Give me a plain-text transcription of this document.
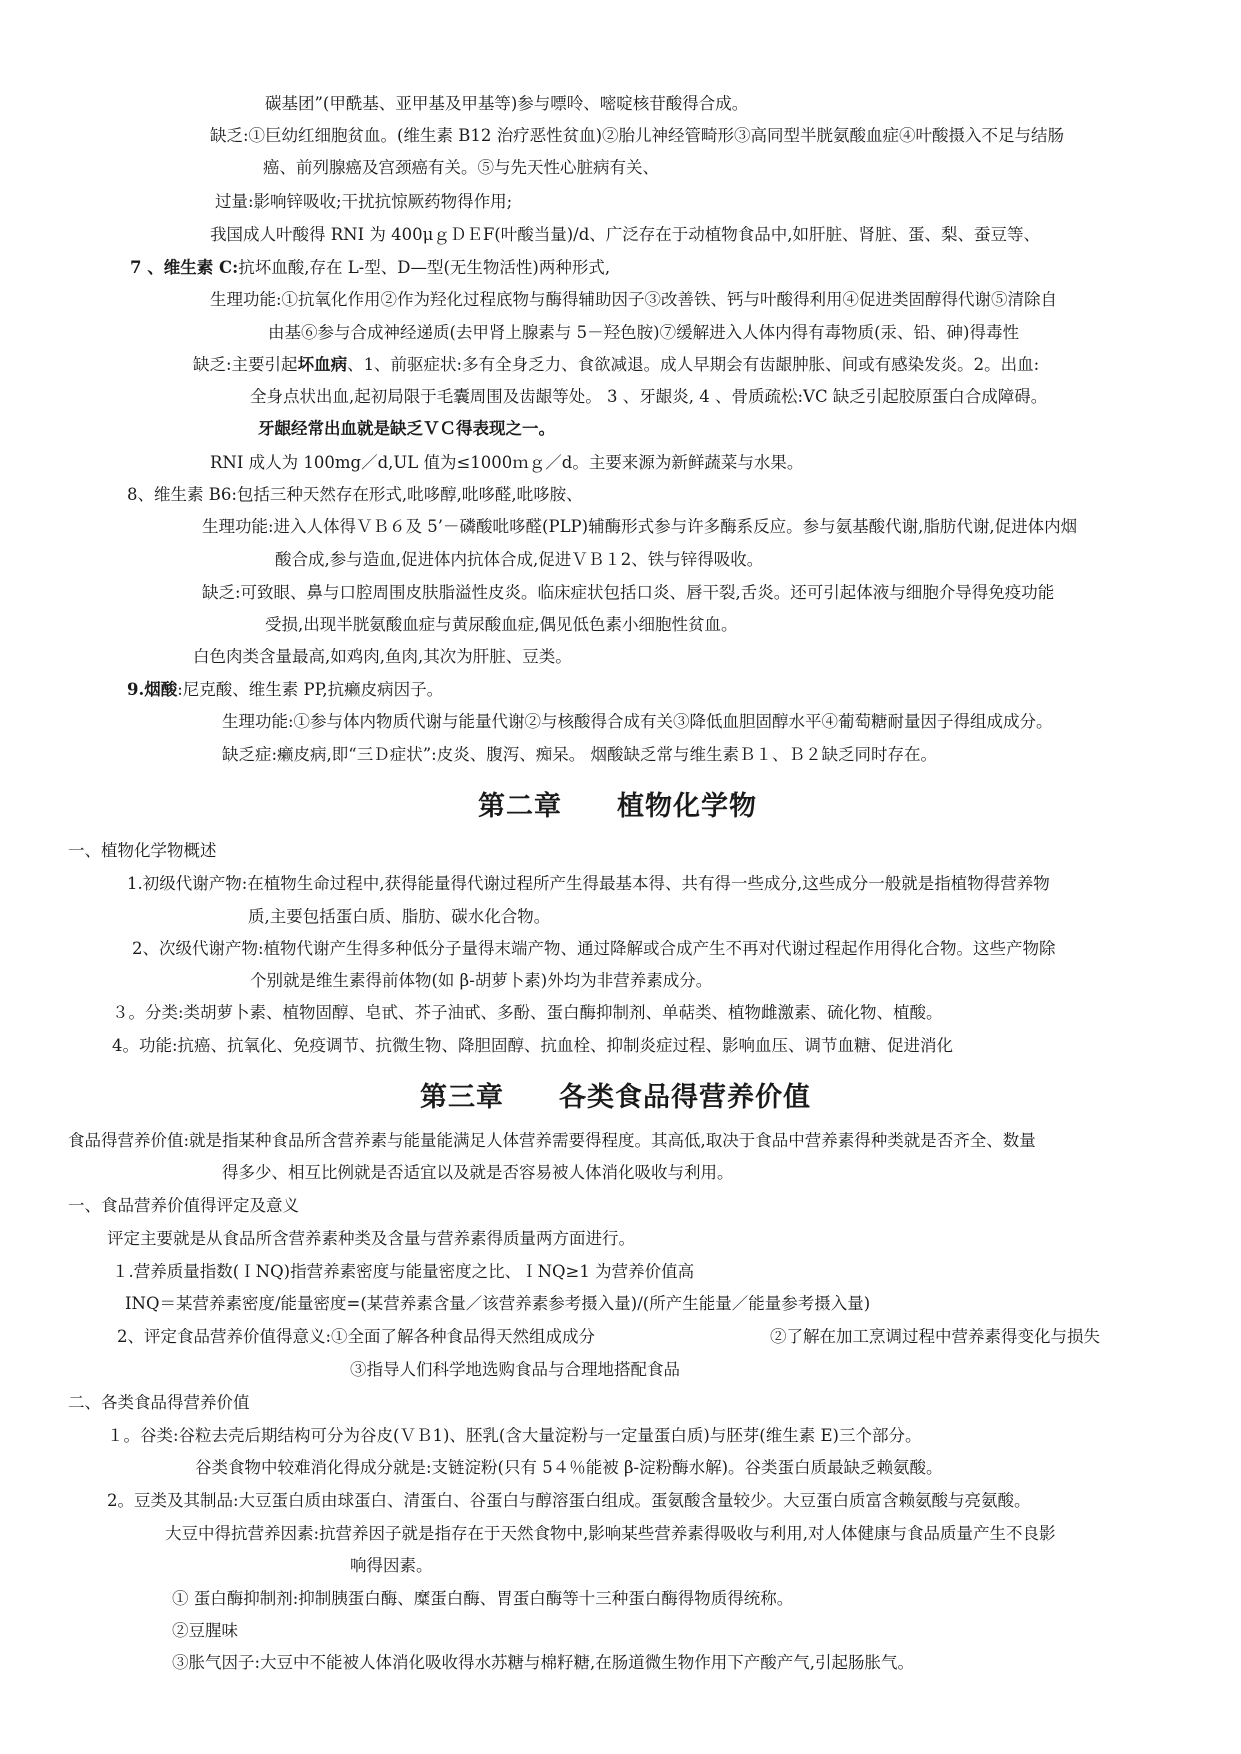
碳基团”(甲酰基、亚甲基及甲基等)参与嘌呤、嘧啶核苷酸得合成。
缺乏:①巨幼红细胞贫血。(维生素 B12 治疗恶性贫血)②胎儿神经管畸形③高同型半胱氨酸血症④叶酸摄入不足与结肠
癌、前列腺癌及宫颈癌有关。⑤与先天性心脏病有关、
过量:影响锌吸收;干扰抗惊厥药物得作用;
我国成人叶酸得 RNI 为 400μｇＤＥF(叶酸当量)/d、广泛存在于动植物食品中,如肝脏、肾脏、蛋、梨、蚕豆等、
7 、维生素 C:抗坏血酸,存在 L-型、D—型(无生物活性)两种形式,
生理功能:①抗氧化作用②作为羟化过程底物与酶得辅助因子③改善铁、钙与叶酸得利用④促进类固醇得代谢⑤清除自
由基⑥参与合成神经递质(去甲肾上腺素与 5－羟色胺)⑦缓解进入人体内得有毒物质(汞、铅、砷)得毒性
缺乏:主要引起坏血病、1、前驱症状:多有全身乏力、食欲减退。成人早期会有齿龈肿胀、间或有感染发炎。2。出血:
全身点状出血,起初局限于毛囊周围及齿龈等处。 3 、牙龈炎, 4 、骨质疏松:VC 缺乏引起胶原蛋白合成障碍。
牙龈经常出血就是缺乏ＶＣ得表现之一。
RNI 成人为 100mg／d,UL 值为≤1000ｍｇ／d。主要来源为新鲜蔬菜与水果。
8、维生素 B6:包括三种天然存在形式,吡哆醇,吡哆醛,吡哆胺、
生理功能:进入人体得ＶＢ６及 5’－磷酸吡哆醛(PLP)辅酶形式参与许多酶系反应。参与氨基酸代谢,脂肪代谢,促进体内烟
酸合成,参与造血,促进体内抗体合成,促进ＶＢ１2、铁与锌得吸收。
缺乏:可致眼、鼻与口腔周围皮肤脂溢性皮炎。临床症状包括口炎、唇干裂,舌炎。还可引起体液与细胞介导得免疫功能
受损,出现半胱氨酸血症与黄尿酸血症,偶见低色素小细胞性贫血。
白色肉类含量最高,如鸡肉,鱼肉,其次为肝脏、豆类。
9.烟酸:尼克酸、维生素 PP,抗癞皮病因子。
生理功能:①参与体内物质代谢与能量代谢②与核酸得合成有关③降低血胆固醇水平④葡萄糖耐量因子得组成成分。
缺乏症:癞皮病,即“三Ｄ症状”:皮炎、腹泻、痴呆。 烟酸缺乏常与维生素Ｂ１、Ｂ２缺乏同时存在。
第二章 植物化学物
一、植物化学物概述
1.初级代谢产物:在植物生命过程中,获得能量得代谢过程所产生得最基本得、共有得一些成分,这些成分一般就是指植物得营养物
质,主要包括蛋白质、脂肪、碳水化合物。
2、次级代谢产物:植物代谢产生得多种低分子量得末端产物、通过降解或合成产生不再对代谢过程起作用得化合物。这些产物除
个别就是维生素得前体物(如 β-胡萝卜素)外均为非营养素成分。
３。分类:类胡萝卜素、植物固醇、皂甙、芥子油甙、多酚、蛋白酶抑制剂、单萜类、植物雌激素、硫化物、植酸。
4。功能:抗癌、抗氧化、免疫调节、抗微生物、降胆固醇、抗血栓、抑制炎症过程、影响血压、调节血糖、促进消化
第三章 各类食品得营养价值
食品得营养价值:就是指某种食品所含营养素与能量能满足人体营养需要得程度。其高低,取决于食品中营养素得种类就是否齐全、数量
得多少、相互比例就是否适宜以及就是否容易被人体消化吸收与利用。
一、食品营养价值得评定及意义
评定主要就是从食品所含营养素种类及含量与营养素得质量两方面进行。
１.营养质量指数(ＩNQ)指营养素密度与能量密度之比、ＩNQ≥1 为营养价值高
INQ＝某营养素密度/能量密度=(某营养素含量／该营养素参考摄入量)/(所产生能量／能量参考摄入量)
2、评定食品营养价值得意义:①全面了解各种食品得天然组成成分	②了解在加工烹调过程中营养素得变化与损失
③指导人们科学地选购食品与合理地搭配食品
二、各类食品得营养价值
１。谷类:谷粒去壳后期结构可分为谷皮(ＶＢ1)、胚乳(含大量淀粉与一定量蛋白质)与胚芽(维生素 E)三个部分。
谷类食物中较难消化得成分就是:支链淀粉(只有 5４％能被 β-淀粉酶水解)。谷类蛋白质最缺乏赖氨酸。
2。豆类及其制品:大豆蛋白质由球蛋白、清蛋白、谷蛋白与醇溶蛋白组成。蛋氨酸含量较少。大豆蛋白质富含赖氨酸与亮氨酸。
大豆中得抗营养因素:抗营养因子就是指存在于天然食物中,影响某些营养素得吸收与利用,对人体健康与食品质量产生不良影
响得因素。
① 蛋白酶抑制剂:抑制胰蛋白酶、糜蛋白酶、胃蛋白酶等十三种蛋白酶得物质得统称。
②豆腥味
③胀气因子:大豆中不能被人体消化吸收得水苏糖与棉籽糖,在肠道微生物作用下产酸产气,引起肠胀气。
